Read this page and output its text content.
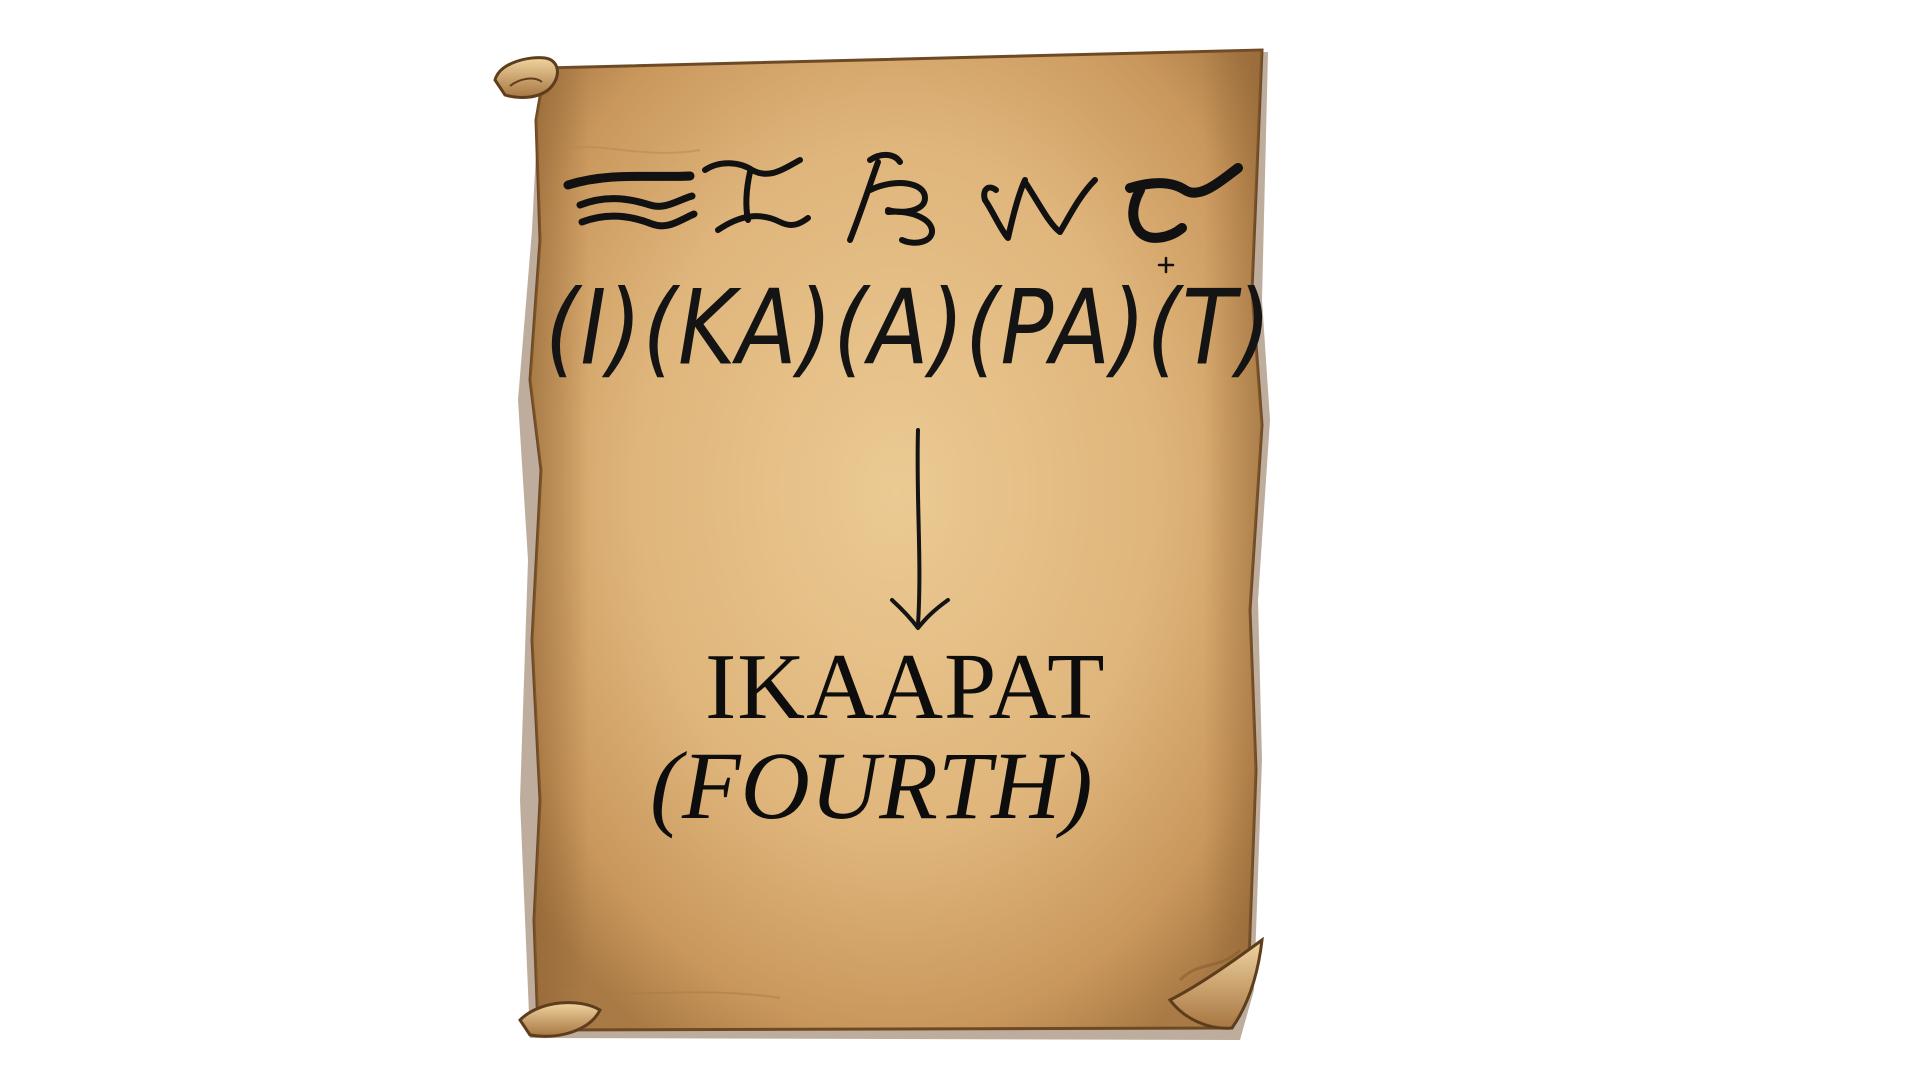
(I) (KA) (A) (PA) (T)
IKAAPAT
(FOURTH)
